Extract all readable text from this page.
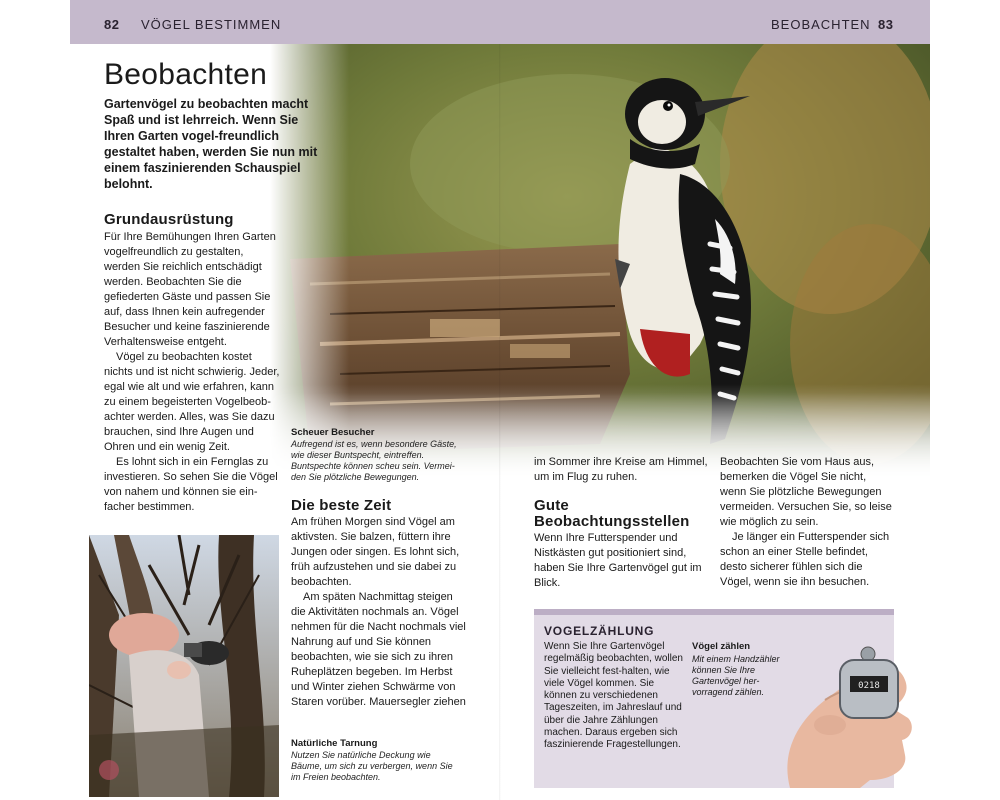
82 VÖGEL BESTIMMEN	BEOBACHTEN 83
Beobachten
Gartenvögel zu beobachten macht Spaß und ist lehrreich. Wenn Sie Ihren Garten vogel-freundlich gestaltet haben, werden Sie nun mit einem faszinierenden Schauspiel belohnt.
Grundausrüstung

Für Ihre Bemühungen Ihren Garten vogelfreundlich zu gestalten, werden Sie reichlich entschädigt werden. Beobachten Sie die gefiederten Gäste und passen Sie auf, dass Ihnen kein aufregender Besucher und keine faszinierende Verhaltensweise entgeht.

Vögel zu beobachten kostet nichts und ist nicht schwierig. Jeder, egal wie alt und wie erfahren, kann zu einem begeisterten Vogelbeob-achter werden. Alles, was Sie dazu brauchen, sind Ihre Augen und Ohren und ein wenig Zeit.

Es lohnt sich in ein Fernglas zu investieren. So sehen Sie die Vögel von nahem und können sie ein-facher bestimmen.

Scheuer Besucher
Aufregend ist es, wenn besondere Gäste, wie dieser Buntspecht, eintreffen. Buntspechte können scheu sein. Vermei-den Sie plötzliche Bewegungen.
Die beste Zeit

Am frühen Morgen sind Vögel am aktivsten. Sie balzen, füttern ihre Jungen oder singen. Es lohnt sich, früh aufzustehen und sie dabei zu beobachten.

Am späten Nachmittag steigen die Aktivitäten nochmals an. Vögel nehmen für die Nacht nochmals viel Nahrung auf und Sie können beobachten, wie sie sich zu ihren Ruheplätzen begeben. Im Herbst und Winter ziehen Schwärme von Staren vorüber. Mauersegler ziehen

Natürliche Tarnung
Nutzen Sie natürliche Deckung wie Bäume, um sich zu verbergen, wenn Sie im Freien beobachten.
im Sommer ihre Kreise am Himmel, um im Flug zu ruhen.
Gute
Beobachtungsstellen
Wenn Ihre Futterspender und Nistkästen gut positioniert sind, haben Sie Ihre Gartenvögel gut im Blick.

Beobachten Sie vom Haus aus, bemerken die Vögel Sie nicht, wenn Sie plötzliche Bewegungen vermeiden. Versuchen Sie, so leise wie möglich zu sein.

Je länger ein Futterspender sich schon an einer Stelle befindet, desto sicherer fühlen sich die Vögel, wenn sie ihn besuchen.

0218
VOGELZÄHLUNG
Wenn Sie Ihre Gartenvögel regelmäßig beobachten, wollen Sie vielleicht fest-halten, wie viele Vögel kommen. Sie können zu verschiedenen Tageszeiten, im Jahreslauf und über die Jahre Zählungen machen. Daraus ergeben sich faszinierende Fragestellungen.
Vögel zählen
Mit einem Handzähler können Sie Ihre Gartenvögel her-vorragend zählen.
